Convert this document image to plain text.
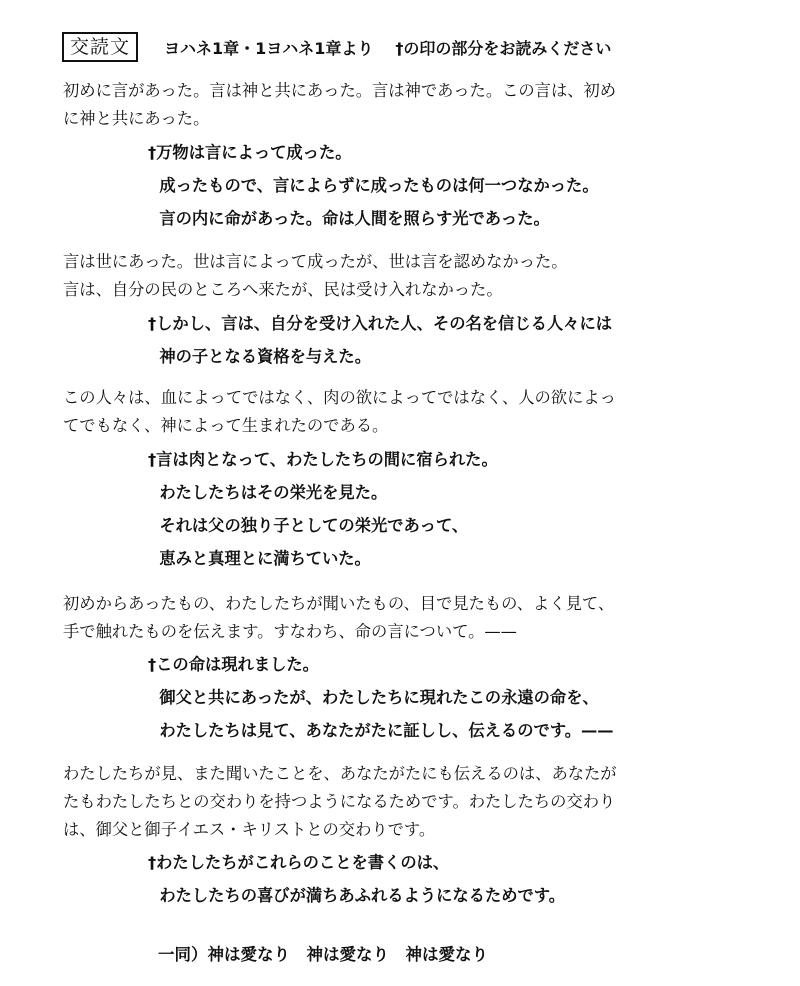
交読文	ヨハネ1章・1ヨハネ1章より †の印の部分をお読みください

初めに言があった。言は神と共にあった。言は神であった。この言は、初め
に神と共にあった。

†万物は言によって成った。
成ったもので、言によらずに成ったものは何一つなかった。
言の内に命があった。命は人間を照らす光であった。

言は世にあった。世は言によって成ったが、世は言を認めなかった。
言は、自分の民のところへ来たが、民は受け入れなかった。

†しかし、言は、自分を受け入れた人、その名を信じる人々には
神の子となる資格を与えた。

この人々は、血によってではなく、肉の欲によってではなく、人の欲によっ
てでもなく、神によって生まれたのである。

†言は肉となって、わたしたちの間に宿られた。
わたしたちはその栄光を見た。
それは父の独り子としての栄光であって、
恵みと真理とに満ちていた。

初めからあったもの、わたしたちが聞いたもの、目で見たもの、よく見て、
手で触れたものを伝えます。すなわち、命の言について。——

†この命は現れました。
御父と共にあったが、わたしたちに現れたこの永遠の命を、
わたしたちは見て、あなたがたに証しし、伝えるのです。——

わたしたちが見、また聞いたことを、あなたがたにも伝えるのは、あなたが
たもわたしたちとの交わりを持つようになるためです。わたしたちの交わり
は、御父と御子イエス・キリストとの交わりです。

†わたしたちがこれらのことを書くのは、
わたしたちの喜びが満ちあふれるようになるためです。

一同）神は愛なり　神は愛なり　神は愛なり
